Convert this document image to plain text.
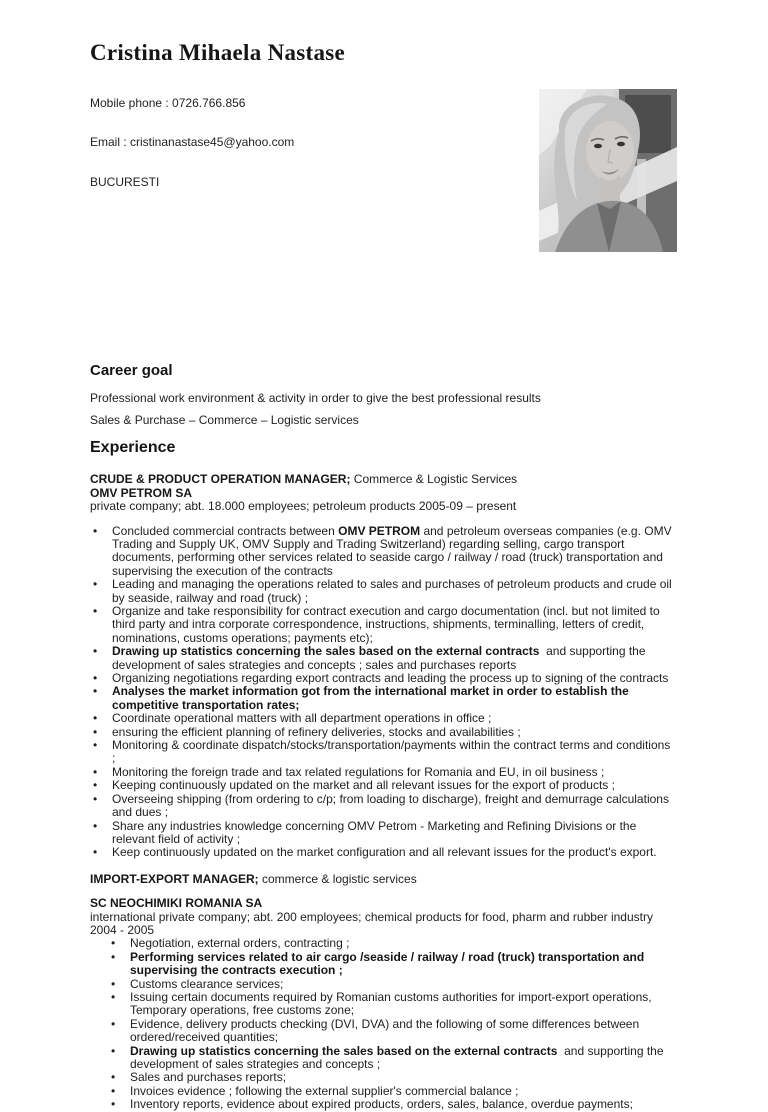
Cristina Mihaela Nastase

Mobile phone : 0726.766.856

Email : cristinanastase45@yahoo.com

BUCURESTI

Career goal
Professional work environment & activity in order to give the best professional results
Sales & Purchase – Commerce – Logistic services
Experience
CRUDE & PRODUCT OPERATION MANAGER; Commerce & Logistic Services
OMV PETROM SA
private company; abt. 18.000 employees; petroleum products 2005-09 – present
• Concluded commercial contracts between OMV PETROM and petroleum overseas companies (e.g. OMV Trading and Supply UK, OMV Supply and Trading Switzerland) regarding selling, cargo transport documents, performing other services related to seaside cargo / railway / road (truck) transportation and supervising the execution of the contracts
• Leading and managing the operations related to sales and purchases of petroleum products and crude oil by seaside, railway and road (truck) ;
• Organize and take responsibility for contract execution and cargo documentation (incl. but not limited to third party and intra corporate correspondence, instructions, shipments, terminalling, letters of credit, nominations, customs operations; payments etc);
• Drawing up statistics concerning the sales based on the external contracts  and supporting the development of sales strategies and concepts ; sales and purchases reports
• Organizing negotiations regarding export contracts and leading the process up to signing of the contracts
• Analyses the market information got from the international market in order to establish the competitive transportation rates;
• Coordinate operational matters with all department operations in office ;
• ensuring the efficient planning of refinery deliveries, stocks and availabilities ;
• Monitoring & coordinate dispatch/stocks/transportation/payments within the contract terms and conditions ;
• Monitoring the foreign trade and tax related regulations for Romania and EU, in oil business ;
• Keeping continuously updated on the market and all relevant issues for the export of products ;
• Overseeing shipping (from ordering to c/p; from loading to discharge), freight and demurrage calculations and dues ;
• Share any industries knowledge concerning OMV Petrom - Marketing and Refining Divisions or the relevant field of activity ;
• Keep continuously updated on the market configuration and all relevant issues for the product's export.
IMPORT-EXPORT MANAGER; commerce & logistic services
SC NEOCHIMIKI ROMANIA SA
international private company; abt. 200 employees; chemical products for food, pharm and rubber industry
2004 - 2005
• Negotiation, external orders, contracting ;
• Performing services related to air cargo /seaside / railway / road (truck) transportation and supervising the contracts execution ;
• Customs clearance services;
• Issuing certain documents required by Romanian customs authorities for import-export operations, Temporary operations, free customs zone;
• Evidence, delivery products checking (DVI, DVA) and the following of some differences between ordered/received quantities;
• Drawing up statistics concerning the sales based on the external contracts  and supporting the development of sales strategies and concepts ;
• Sales and purchases reports;
• Invoices evidence ; following the external supplier's commercial balance ;
• Inventory reports, evidence about expired products, orders, sales, balance, overdue payments;
